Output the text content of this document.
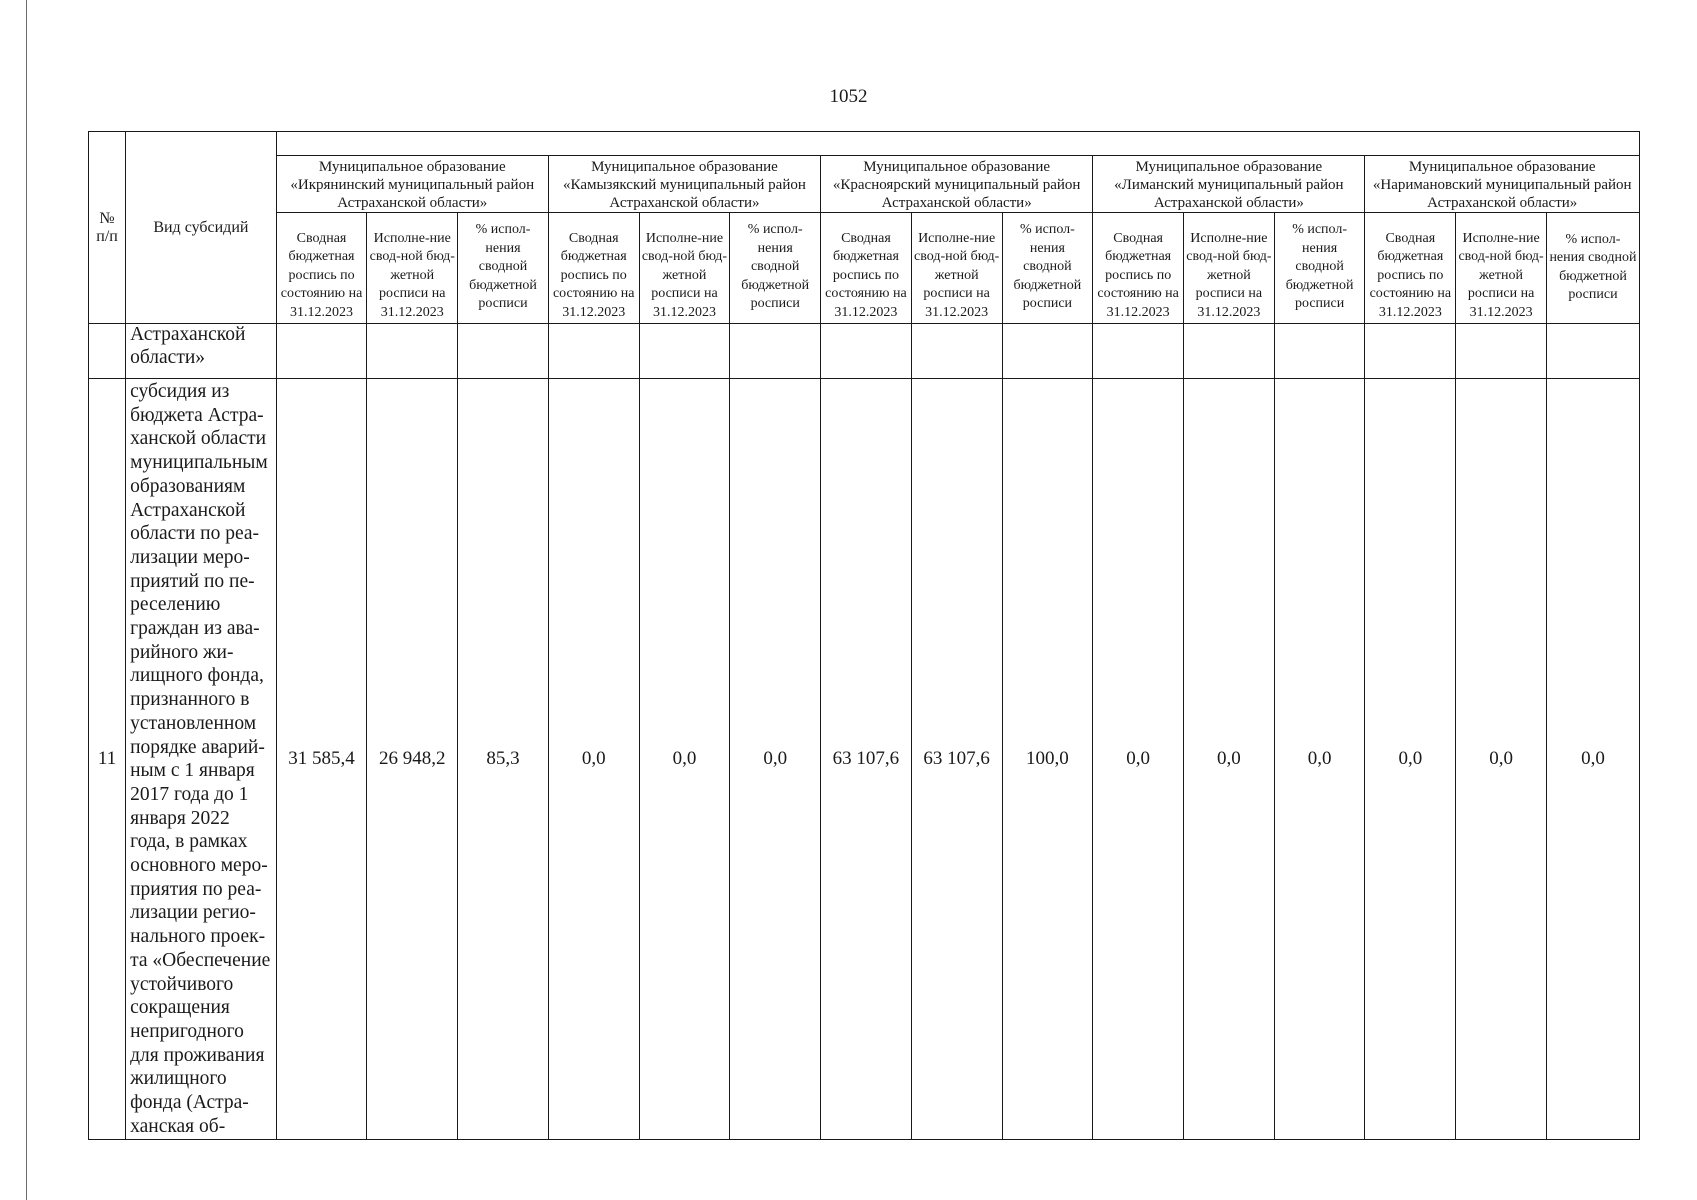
1052
№ п/п	Вид субсидий															
		Муниципальное образование «Икрянинский муниципальный район Астраханской области»			Муниципальное образование «Камызякский муниципальный район Астраханской области»			Муниципальное образование «Красноярский муниципальный район Астраханской области»			Муниципальное образование «Лиманский муниципальный район Астраханской области»			Муниципальное образование «Наримановский муниципальный район Астраханской области»		
		Сводная бюджетная роспись по состоянию на 31.12.2023	Исполне-ние свод-ной бюд-жетной росписи на 31.12.2023	% испол-нения сводной бюджетной росписи	Сводная бюджетная роспись по состоянию на 31.12.2023	Исполне-ние свод-ной бюд-жетной росписи на 31.12.2023	% испол-нения сводной бюджетной росписи	Сводная бюджетная роспись по состоянию на 31.12.2023	Исполне-ние свод-ной бюд-жетной росписи на 31.12.2023	% испол-нения сводной бюджетной росписи	Сводная бюджетная роспись по состоянию на 31.12.2023	Исполне-ние свод-ной бюд-жетной росписи на 31.12.2023	% испол-нения сводной бюджетной росписи	Сводная бюджетная роспись по состоянию на 31.12.2023	Исполне-ние свод-ной бюд-жетной росписи на 31.12.2023	% испол-нения сводной бюджетной росписи
	Астраханской области»															
11	субсидия из бюджета Астра-ханской области муниципальным образованиям Астраханской области по реа-лизации меро-приятий по пе-реселению граждан из ава-рийного жи-лищного фонда, признанного в установленном порядке аварий-ным с 1 января 2017 года до 1 января 2022 года, в рамках основного меро-приятия по реа-лизации регио-нального проек-та «Обеспечение устойчивого сокращения непригодного для проживания жилищного фонда (Астра-ханская об-	31 585,4	26 948,2	85,3	0,0	0,0	0,0	63 107,6	63 107,6	100,0	0,0	0,0	0,0	0,0	0,0	0,0
